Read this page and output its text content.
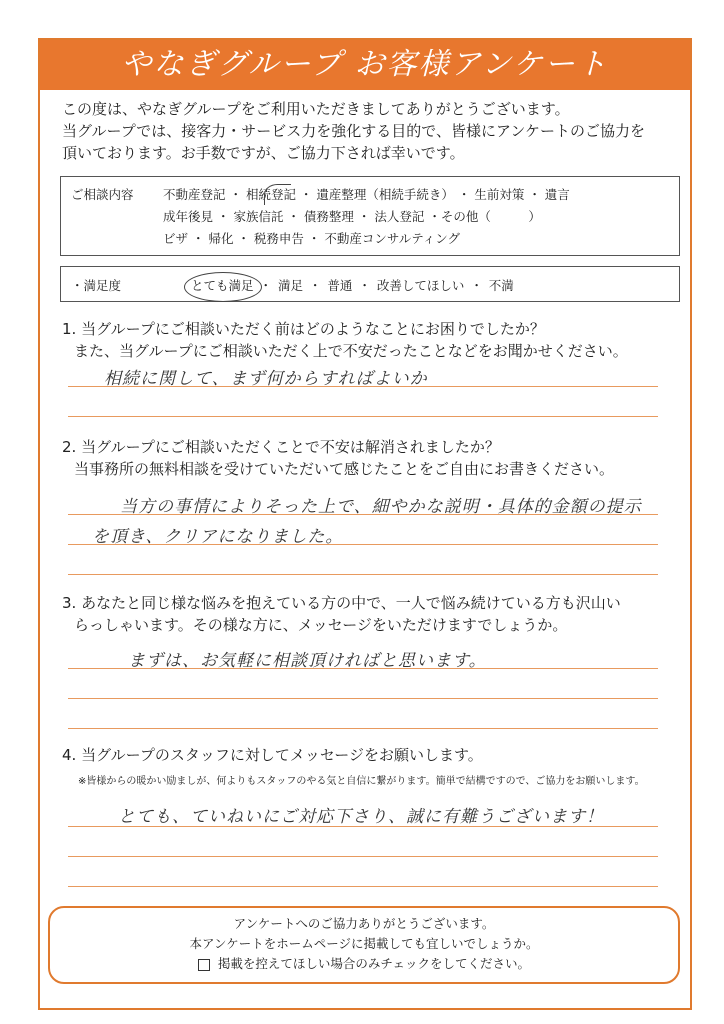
やなぎグループ お客様アンケート
この度は、やなぎグループをご利用いただきましてありがとうございます。
当グループでは、接客力・サービス力を強化する目的で、皆様にアンケートのご協力を
頂いております。お手数ですが、ご協力下されば幸いです。
ご相談内容 不動産登記 ・ 相続登記 ・ 遺産整理（相続手続き） ・ 生前対策 ・ 遺言
成年後見 ・ 家族信託 ・ 債務整理 ・ 法人登記 ・その他（　　　）
ビザ ・ 帰化 ・ 税務申告 ・ 不動産コンサルティング
・満足度	とても満足 ・ 満足 ・ 普通 ・ 改善してほしい ・ 不満
1. 当グループにご相談いただく前はどのようなことにお困りでしたか？
また、当グループにご相談いただく上で不安だったことなどをお聞かせください。
相続に関して、まず何からすればよいか
2. 当グループにご相談いただくことで不安は解消されましたか？
当事務所の無料相談を受けていただいて感じたことをご自由にお書きください。
当方の事情によりそった上で、細やかな説明・具体的金額の提示
を頂き、クリアになりました。
3. あなたと同じ様な悩みを抱えている方の中で、一人で悩み続けている方も沢山い
らっしゃいます。その様な方に、メッセージをいただけますでしょうか。
まずは、お気軽に相談頂ければと思います。
4. 当グループのスタッフに対してメッセージをお願いします。
※皆様からの暖かい励ましが、何よりもスタッフのやる気と自信に繋がります。簡単で結構ですので、ご協力をお願いします。
とても、ていねいにご対応下さり、誠に有難うございます！
アンケートへのご協力ありがとうございます。
本アンケートをホームページに掲載しても宜しいでしょうか。
掲載を控えてほしい場合のみチェックをしてください。
